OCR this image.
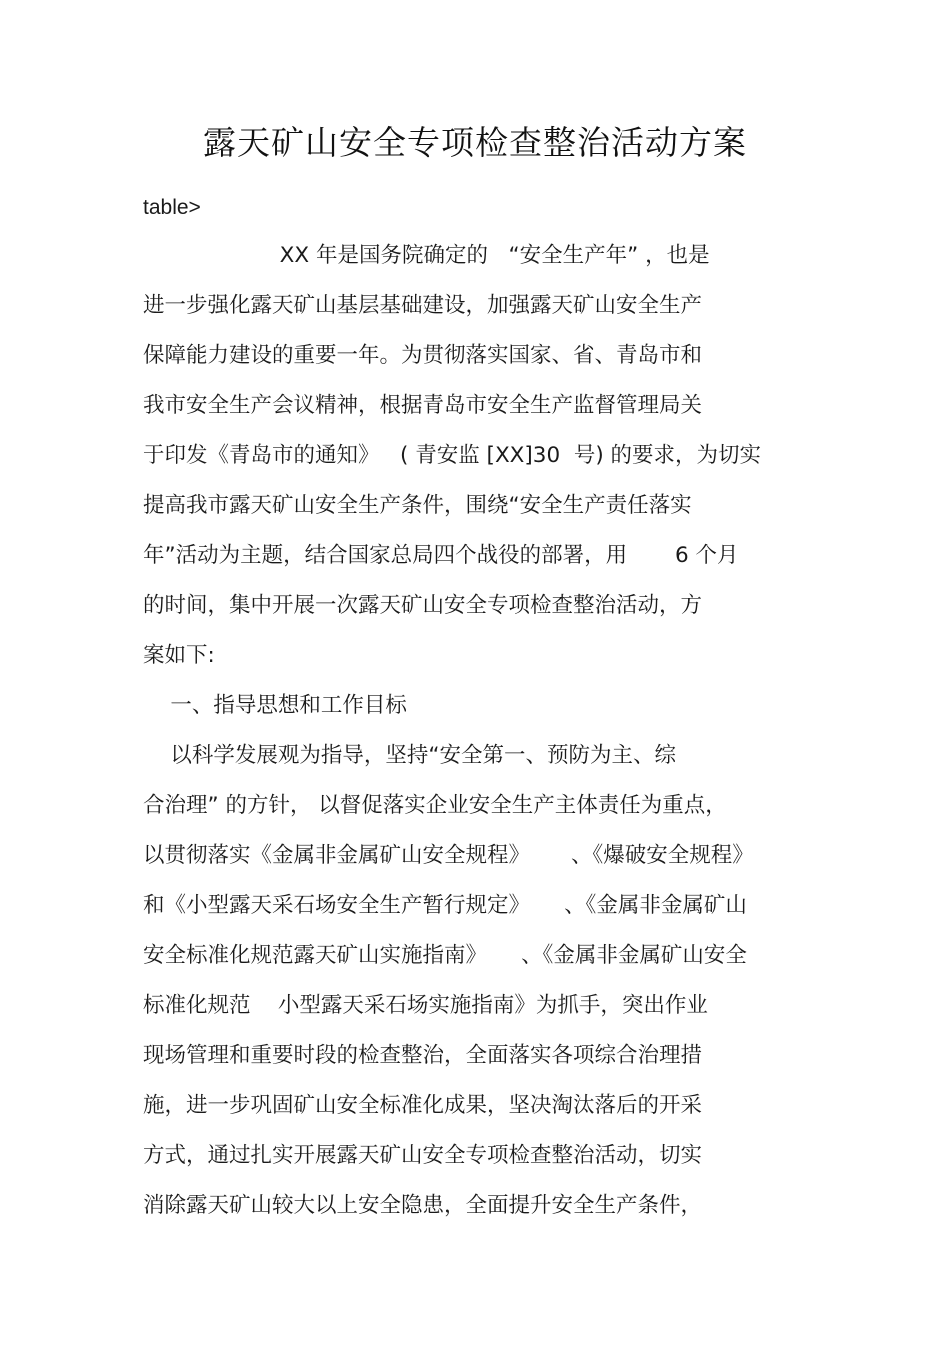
露天矿山安全专项检查整治活动方案
table>
XX 年是国务院确定的   “安全生产年” ，也是
进一步强化露天矿山基层基础建设，加强露天矿山安全生产
保障能力建设的重要一年。为贯彻落实国家、省、青岛市和
我市安全生产会议精神，根据青岛市安全生产监督管理局关
于印发《青岛市的通知》   ( 青安监 [XX]30  号) 的要求，为切实
提高我市露天矿山安全生产条件，围绕“安全生产责任落实
年”活动为主题，结合国家总局四个战役的部署，用       6 个月
的时间，集中开展一次露天矿山安全专项检查整治活动，方
案如下:
一、指导思想和工作目标
以科学发展观为指导，坚持“安全第一、预防为主、综
合治理” 的方针， 以督促落实企业安全生产主体责任为重点，
以贯彻落实《金属非金属矿山安全规程》      、《爆破安全规程》
和《小型露天采石场安全生产暂行规定》     、《金属非金属矿山
安全标准化规范露天矿山实施指南》     、《金属非金属矿山安全
标准化规范    小型露天采石场实施指南》为抓手，突出作业
现场管理和重要时段的检查整治，全面落实各项综合治理措
施，进一步巩固矿山安全标准化成果，坚决淘汰落后的开采
方式，通过扎实开展露天矿山安全专项检查整治活动，切实
消除露天矿山较大以上安全隐患，全面提升安全生产条件，
